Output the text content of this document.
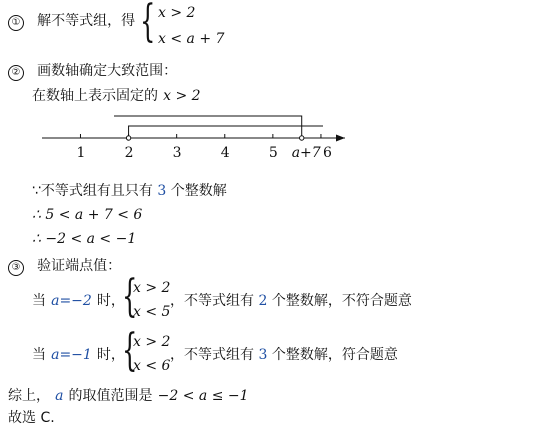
① 解不等式组，得 { x > 2
x < a + 7
② 画数轴确定大致范围：
在数轴上表示固定的 x > 2
1	2	3	4	5	6
a+7
∵不等式组有且只有 3 个整数解
∴ 5 < a + 7 < 6
∴ −2 < a < −1
③ 验证端点值：
当 a=−2 时，
{
x > 2
x < 5
，不等式组有 2 个整数解，不符合题意
当 a=−1 时，
{
x > 2
x < 6
，不等式组有 3 个整数解，符合题意
综上， a 的取值范围是 −2 < a ≤ −1
故选 C.
